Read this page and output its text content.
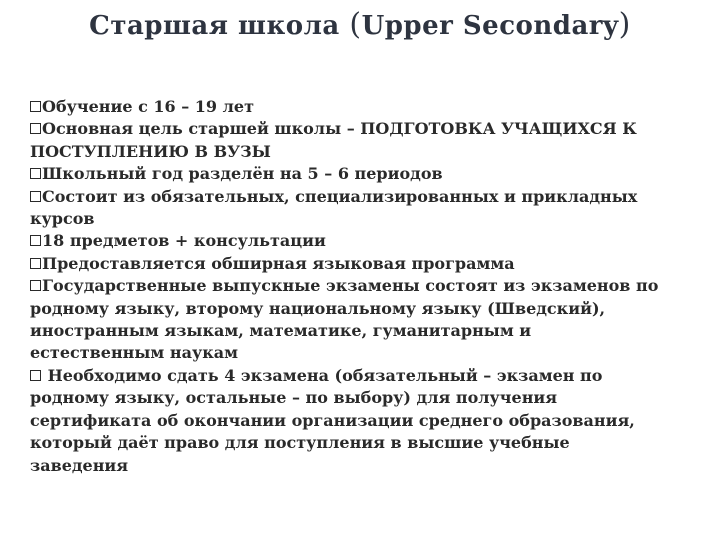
Старшая школа (Upper Secondary)
Обучение с 16 – 19 лет
Основная цель старшей школы – ПОДГОТОВКА УЧАЩИХСЯ К
ПОСТУПЛЕНИЮ В ВУЗЫ
Школьный год разделён на 5 – 6 периодов
Состоит из обязательных, специализированных и прикладных
курсов
18 предметов + консультации
Предоставляется обширная языковая программа
Государственные выпускные экзамены состоят из экзаменов по
родному языку, второму национальному языку (Шведский),
иностранным языкам, математике, гуманитарным и
естественным наукам
Необходимо сдать 4 экзамена (обязательный – экзамен по
родному языку, остальные – по выбору) для получения
сертификата об окончании организации среднего образования,
который даёт право для поступления в высшие учебные
заведения
